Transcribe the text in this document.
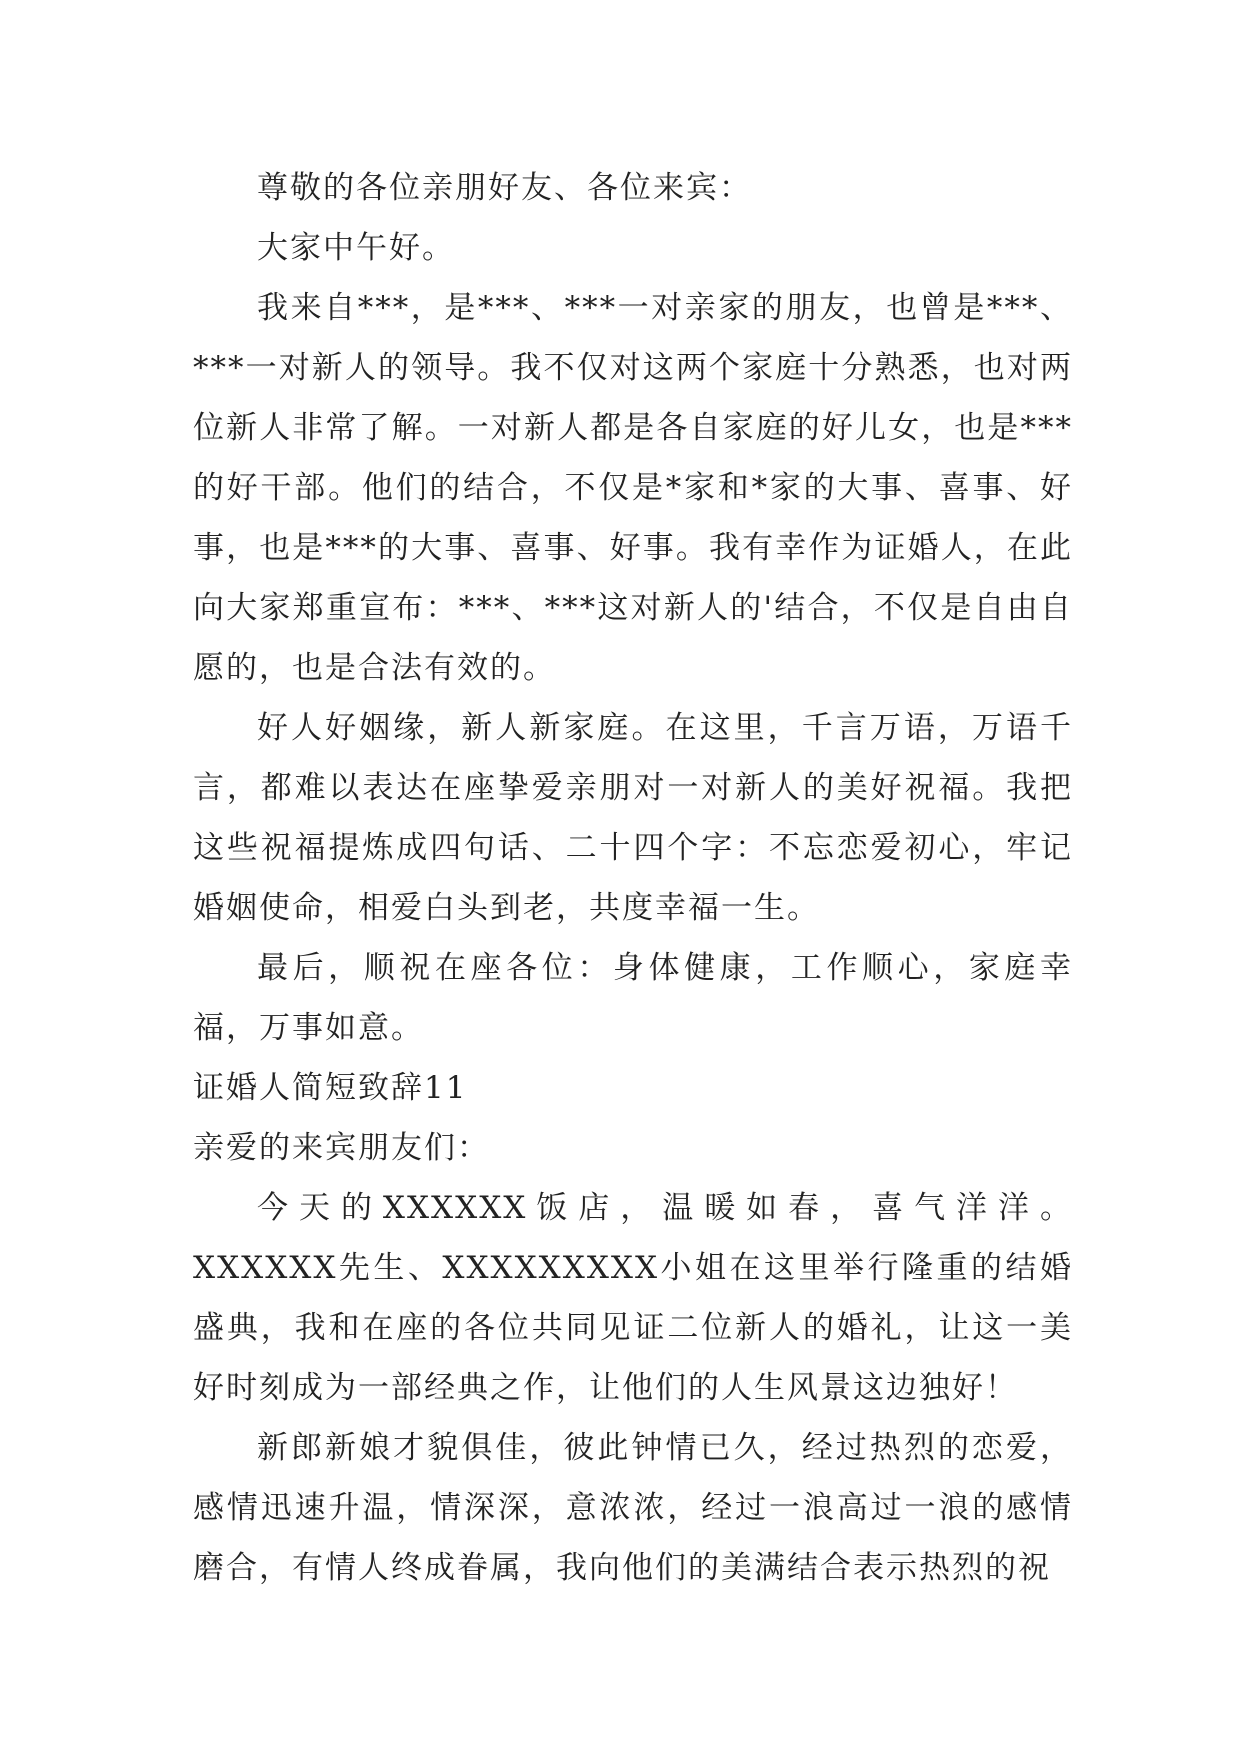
尊敬的各位亲朋好友、各位来宾：

大家中午好。

我来自***，是***、***一对亲家的朋友，也曾是***、***一对新人的领导。我不仅对这两个家庭十分熟悉，也对两位新人非常了解。一对新人都是各自家庭的好儿女，也是***的好干部。他们的结合，不仅是*家和*家的大事、喜事、好事，也是***的大事、喜事、好事。我有幸作为证婚人，在此向大家郑重宣布：***、***这对新人的'结合，不仅是自由自愿的，也是合法有效的。

好人好姻缘，新人新家庭。在这里，千言万语，万语千言，都难以表达在座挚爱亲朋对一对新人的美好祝福。我把这些祝福提炼成四句话、二十四个字：不忘恋爱初心，牢记婚姻使命，相爱白头到老，共度幸福一生。

最后，顺祝在座各位：身体健康，工作顺心，家庭幸福，万事如意。

证婚人简短致辞11

亲爱的来宾朋友们：

今天的XXXXXX饭店，温暖如春，喜气洋洋。XXXXXX先生、XXXXXXXXX小姐在这里举行隆重的结婚盛典，我和在座的各位共同见证二位新人的婚礼，让这一美好时刻成为一部经典之作，让他们的人生风景这边独好！

新郎新娘才貌俱佳，彼此钟情已久，经过热烈的恋爱，感情迅速升温，情深深，意浓浓，经过一浪高过一浪的感情磨合，有情人终成眷属，我向他们的美满结合表示热烈的祝
